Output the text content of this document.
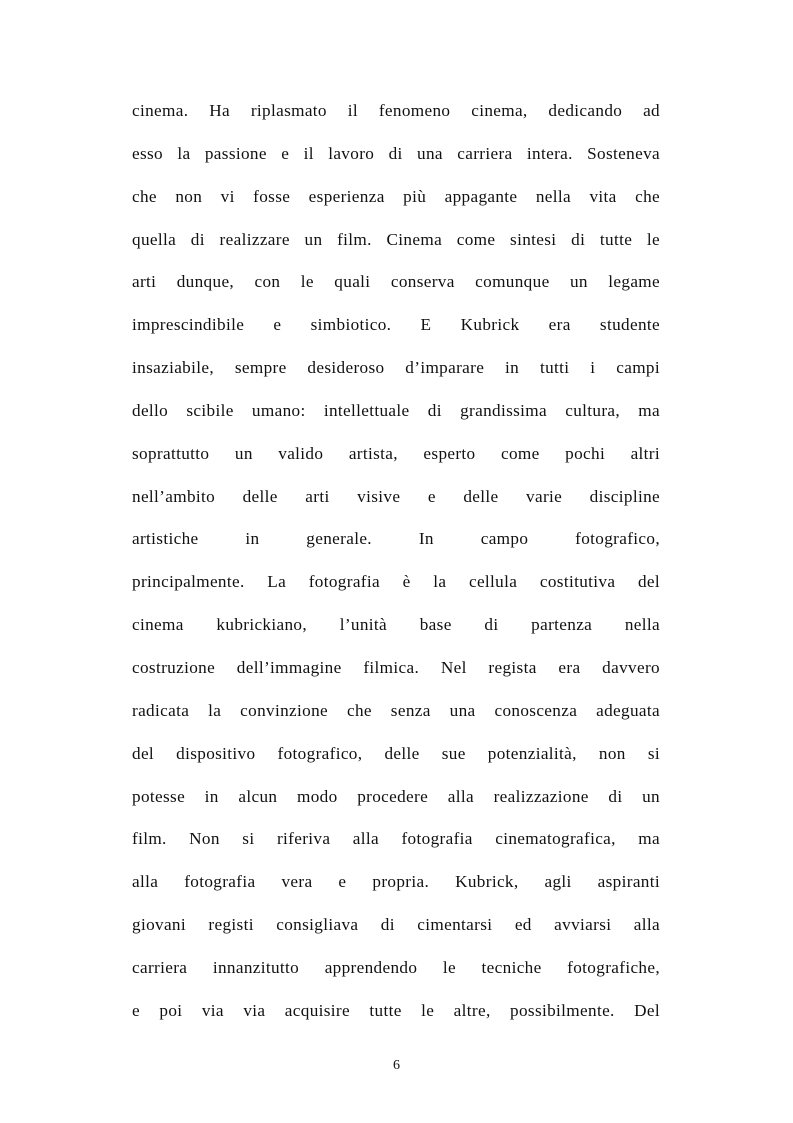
cinema. Ha riplasmato il fenomeno cinema, dedicando ad
esso la passione e il lavoro di una carriera intera. Sosteneva
che non vi fosse esperienza più appagante nella vita che
quella di realizzare un film. Cinema come sintesi di tutte le
arti dunque, con le quali conserva comunque un legame
imprescindibile e simbiotico. E Kubrick era studente
insaziabile, sempre desideroso d’imparare in tutti i campi
dello scibile umano: intellettuale di grandissima cultura, ma
soprattutto un valido artista, esperto come pochi altri
nell’ambito delle arti visive e delle varie discipline
artistiche in generale. In campo fotografico,
principalmente. La fotografia è la cellula costitutiva del
cinema kubrickiano, l’unità base di partenza nella
costruzione dell’immagine filmica. Nel regista era davvero
radicata la convinzione che senza una conoscenza adeguata
del dispositivo fotografico, delle sue potenzialità, non si
potesse in alcun modo procedere alla realizzazione di un
film. Non si riferiva alla fotografia cinematografica, ma
alla fotografia vera e propria. Kubrick, agli aspiranti
giovani registi consigliava di cimentarsi ed avviarsi alla
carriera innanzitutto apprendendo le tecniche fotografiche,
e poi via via acquisire tutte le altre, possibilmente. Del
6
